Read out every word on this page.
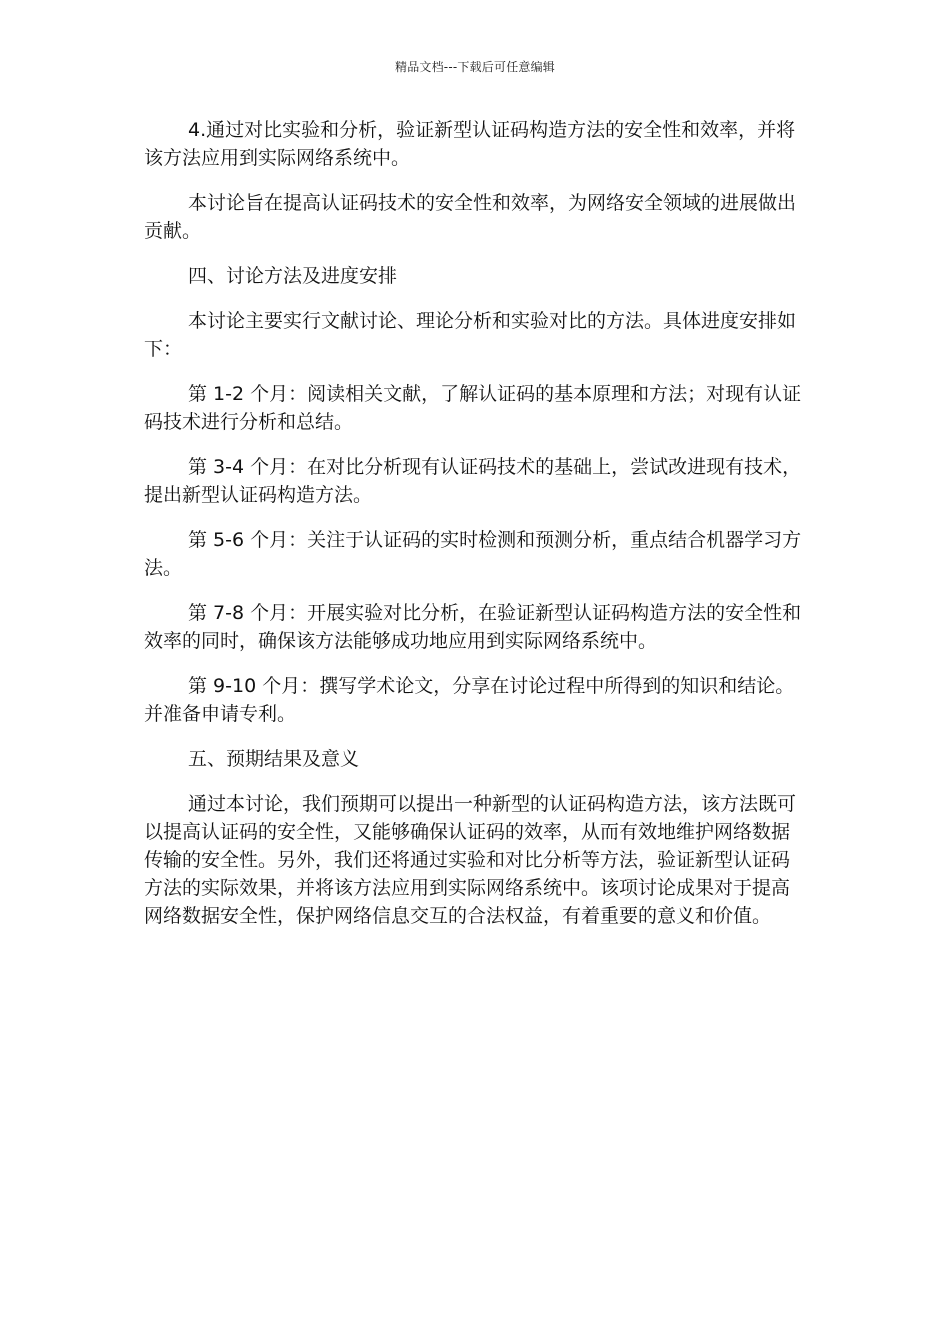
精品文档---下载后可任意编辑

4.通过对比实验和分析，验证新型认证码构造方法的安全性和效率，并将该方法应用到实际网络系统中。

本讨论旨在提高认证码技术的安全性和效率，为网络安全领域的进展做出贡献。

四、讨论方法及进度安排

本讨论主要实行文献讨论、理论分析和实验对比的方法。具体进度安排如下：

第 1-2 个月：阅读相关文献，了解认证码的基本原理和方法；对现有认证码技术进行分析和总结。

第 3-4 个月：在对比分析现有认证码技术的基础上，尝试改进现有技术，提出新型认证码构造方法。

第 5-6 个月：关注于认证码的实时检测和预测分析，重点结合机器学习方法。

第 7-8 个月：开展实验对比分析，在验证新型认证码构造方法的安全性和效率的同时，确保该方法能够成功地应用到实际网络系统中。

第 9-10 个月：撰写学术论文，分享在讨论过程中所得到的知识和结论。并准备申请专利。

五、预期结果及意义

通过本讨论，我们预期可以提出一种新型的认证码构造方法，该方法既可以提高认证码的安全性，又能够确保认证码的效率，从而有效地维护网络数据传输的安全性。另外，我们还将通过实验和对比分析等方法，验证新型认证码方法的实际效果，并将该方法应用到实际网络系统中。该项讨论成果对于提高网络数据安全性，保护网络信息交互的合法权益，有着重要的意义和价值。
